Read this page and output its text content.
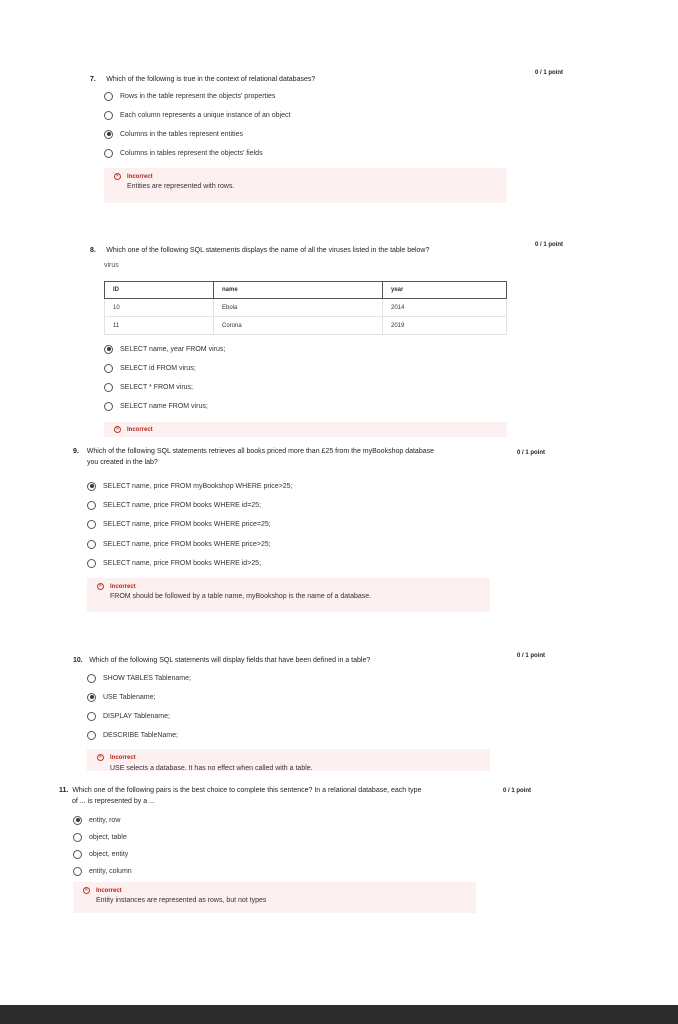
7. Which of the following is true in the context of relational databases?
0 / 1 point
Rows in the table represent the objects' properties
Each column represents a unique instance of an object
Columns in the tables represent entities
Columns in tables represent the objects' fields
✕ Incorrect
Entities are represented with rows.
8. Which one of the following SQL statements displays the name of all the viruses listed in the table below?
0 / 1 point
virus
ID	name	year
10	Ebola	2014
11	Corona	2019
SELECT name, year FROM virus;
SELECT id FROM virus;
SELECT * FROM virus;
SELECT name FROM virus;
✕ Incorrect
9. Which of the following SQL statements retrieves all books priced more than £25 from the myBookshop database
you created in the lab?
0 / 1 point
SELECT name, price FROM myBookshop WHERE price>25;
SELECT name, price FROM books WHERE id=25;
SELECT name, price FROM books WHERE price=25;
SELECT name, price FROM books WHERE price>25;
SELECT name, price FROM books WHERE id>25;
✕ Incorrect
FROM should be followed by a table name, myBookshop is the name of a database.
10. Which of the following SQL statements will display fields that have been defined in a table?
0 / 1 point
SHOW TABLES Tablename;
USE Tablename;
DISPLAY Tablename;
DESCRIBE TableName;
✕ Incorrect
USE selects a database. It has no effect when called with a table.
11. Which one of the following pairs is the best choice to complete this sentence? In a relational database, each type
of ... is represented by a ...
0 / 1 point
entity, row
object, table
object, entity
entity, column
✕ Incorrect
Entity instances are represented as rows, but not types
